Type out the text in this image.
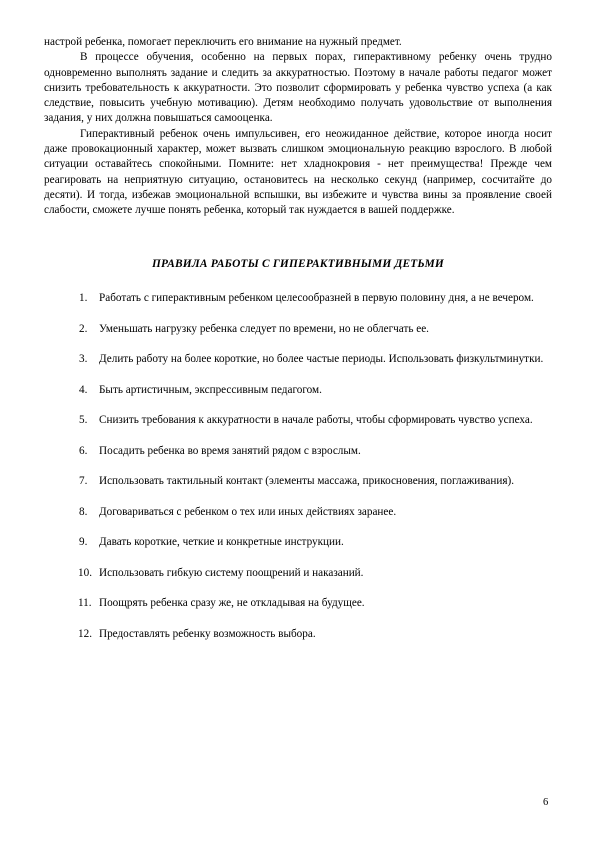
настрой ребенка, помогает переключить его внимание на нужный предмет.

В процессе обучения, особенно на первых порах, гиперактивному ребенку очень трудно одновременно выполнять задание и следить за аккуратностью. Поэтому в начале работы педагог может снизить требовательность к аккуратности. Это позволит сформировать у ребенка чувство успеха (а как следствие, повысить учебную мотивацию). Детям необходимо получать удовольствие от выполнения задания, у них должна повышаться самооценка.

Гиперактивный ребенок очень импульсивен, его неожиданное действие, которое иногда носит даже провокационный характер, может вызвать слишком эмоциональную реакцию взрослого. В любой ситуации оставайтесь спокойными. Помните: нет хладнокровия - нет преимущества! Прежде чем реагировать на неприятную ситуацию, остановитесь на несколько секунд (например, сосчитайте до десяти). И тогда, избежав эмоциональной вспышки, вы избежите и чувства вины за проявление своей слабости, сможете лучше понять ребенка, который так нуждается в вашей поддержке.

ПРАВИЛА РАБОТЫ С ГИПЕРАКТИВНЫМИ ДЕТЬМИ
1. Работать с гиперактивным ребенком целесообразней в первую половину дня, а не вечером.
2. Уменьшать нагрузку ребенка следует по времени, но не облегчать ее.
3. Делить работу на более короткие, но более частые периоды. Использовать физкультминутки.
4. Быть артистичным, экспрессивным педагогом.
5. Снизить требования к аккуратности в начале работы, чтобы сформировать чувство успеха.
6. Посадить ребенка во время занятий рядом с взрослым.
7. Использовать тактильный контакт (элементы массажа, прикосновения, поглаживания).
8. Договариваться с ребенком о тех или иных действиях заранее.
9. Давать короткие, четкие и конкретные инструкции.
10. Использовать гибкую систему поощрений и наказаний.
11. Поощрять ребенка сразу же, не откладывая на будущее.
12. Предоставлять ребенку возможность выбора.
6
